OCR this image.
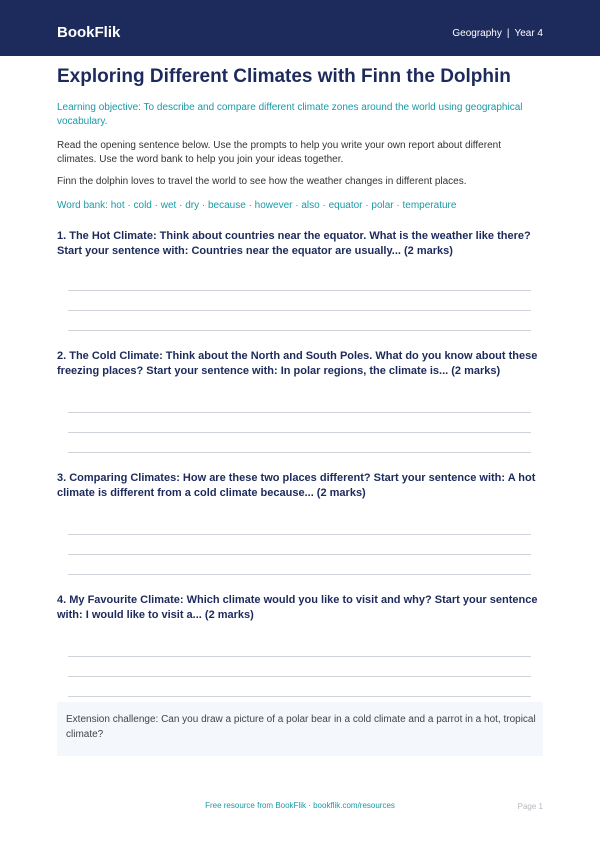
BookFlik	Geography | Year 4
Exploring Different Climates with Finn the Dolphin
Learning objective: To describe and compare different climate zones around the world using geographical vocabulary.
Read the opening sentence below. Use the prompts to help you write your own report about different climates. Use the word bank to help you join your ideas together.
Finn the dolphin loves to travel the world to see how the weather changes in different places.
Word bank: hot · cold · wet · dry · because · however · also · equator · polar · temperature
1. The Hot Climate: Think about countries near the equator. What is the weather like there? Start your sentence with: Countries near the equator are usually... (2 marks)
2. The Cold Climate: Think about the North and South Poles. What do you know about these freezing places? Start your sentence with: In polar regions, the climate is... (2 marks)
3. Comparing Climates: How are these two places different? Start your sentence with: A hot climate is different from a cold climate because... (2 marks)
4. My Favourite Climate: Which climate would you like to visit and why? Start your sentence with: I would like to visit a... (2 marks)
Extension challenge: Can you draw a picture of a polar bear in a cold climate and a parrot in a hot, tropical climate?
Free resource from BookFlik · bookflik.com/resources	Page 1
